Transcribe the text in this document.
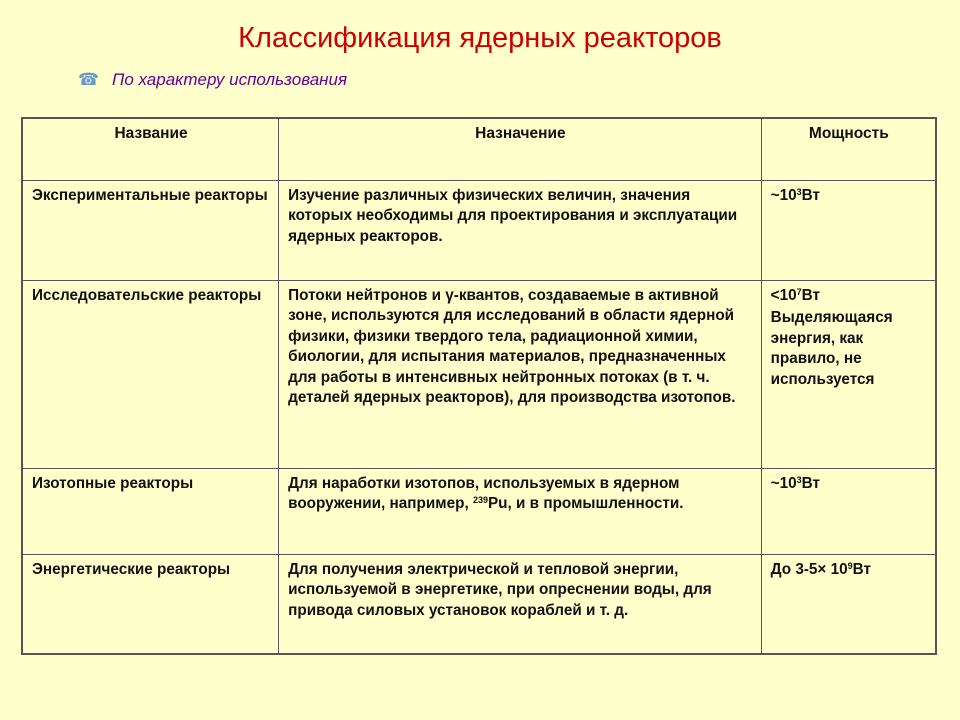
Классификация ядерных реакторов
☎ По характеру использования
Название	Назначение	Мощность
Экспериментальные реакторы	Изучение различных физических величин, значения которых необходимы для проектирования и эксплуатации ядерных реакторов.	$\sim 10^3Вт$
Исследовательские реакторы	Потоки нейтронов и γ-квантов, создаваемые в активной зоне, используются для исследований в области ядерной физики, физики твердого тела, радиационной химии, биологии, для испытания материалов, предназначенных для работы в интенсивных нейтронных потоках (в т. ч. деталей ядерных реакторов), для производства изотопов.	$<10^7Вт$
Выделяющаяся энергия, как правило, не используется

Изотопные реакторы	Для наработки изотопов, используемых в ядерном вооружении, например, $^{239}$Pu, и в промышленности.	$\sim 10^3Вт$
Энергетические реакторы	Для получения электрической и тепловой энергии, используемой в энергетике, при опреснении воды, для привода силовых установок кораблей и т. д.	До $3-5\times 10^9Вт$
